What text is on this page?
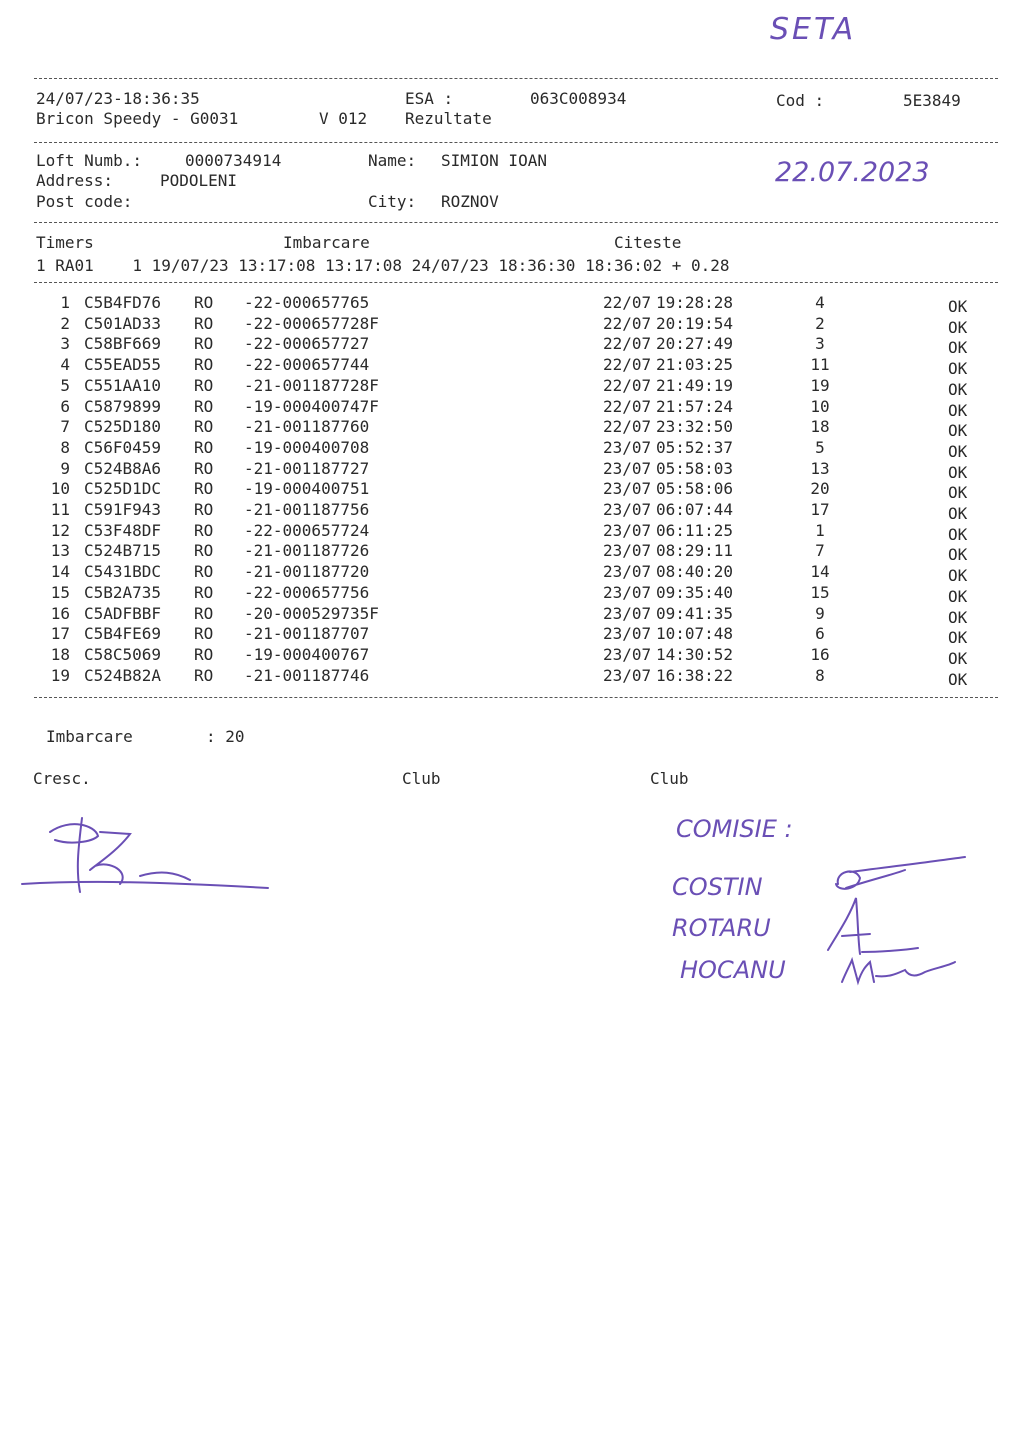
SETA
24/07/23-18:36:35	ESA :	063C008934	Cod :	5E3849
Bricon Speedy - G0031	V 012 Rezultate
Loft Numb.:	0000734914	Name: SIMION IOAN
Address:	PODOLENI
Post code:	City: ROZNOV
22.07.2023
Timers	Imbarcare	Citeste
1 RA01    1 19/07/23 13:17:08 13:17:08 24/07/23 18:36:30 18:36:02 + 0.28
1 C5B4FD76 RO -22-000657765	22/07 19:28:28	4	OK
2 C501AD33 RO -22-000657728F	22/07 20:19:54	2	OK
3 C58BF669 RO -22-000657727	22/07 20:27:49	3	OK
4 C55EAD55 RO -22-000657744	22/07 21:03:25	11	OK
5 C551AA10 RO -21-001187728F	22/07 21:49:19	19	OK
6 C5879899 RO -19-000400747F	22/07 21:57:24	10	OK
7 C525D180 RO -21-001187760	22/07 23:32:50	18	OK
8 C56F0459 RO -19-000400708	23/07 05:52:37	5	OK
9 C524B8A6 RO -21-001187727	23/07 05:58:03	13	OK
10 C525D1DC RO -19-000400751	23/07 05:58:06	20	OK
11 C591F943 RO -21-001187756	23/07 06:07:44	17	OK
12 C53F48DF RO -22-000657724	23/07 06:11:25	1	OK
13 C524B715 RO -21-001187726	23/07 08:29:11	7	OK
14 C5431BDC RO -21-001187720	23/07 08:40:20	14	OK
15 C5B2A735 RO -22-000657756	23/07 09:35:40	15	OK
16 C5ADFBBF RO -20-000529735F	23/07 09:41:35	9	OK
17 C5B4FE69 RO -21-001187707	23/07 10:07:48	6	OK
18 C58C5069 RO -19-000400767	23/07 14:30:52	16	OK
19 C524B82A RO -21-001187746	23/07 16:38:22	8	OK
Imbarcare	: 20
Cresc.	Club	Club
COMISIE :
COSTIN
ROTARU
HOCANU
